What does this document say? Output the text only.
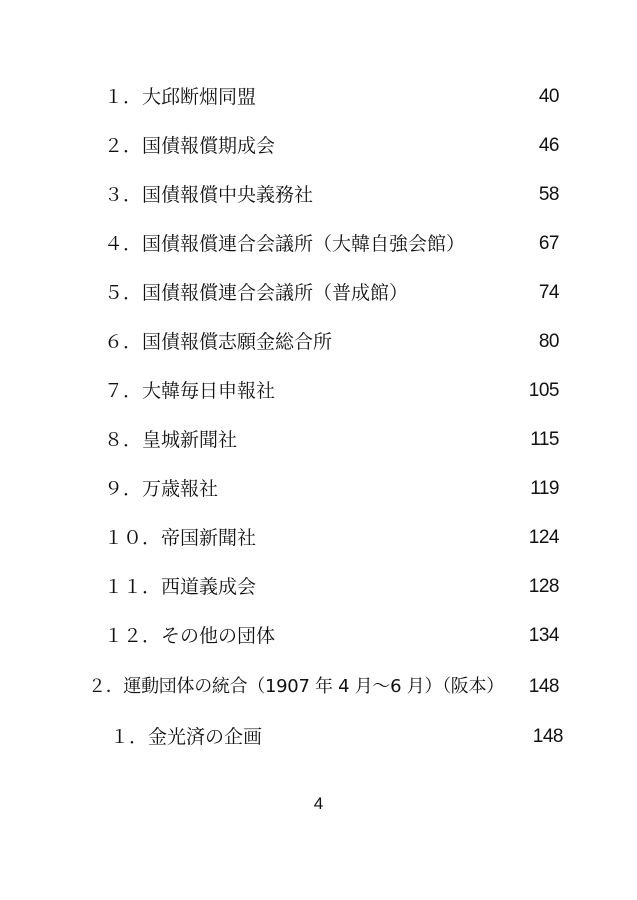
１．大邱断烟同盟	40
２．国債報償期成会	46
３．国債報償中央義務社	58
４．国債報償連合会議所（大韓自強会館）	67
５．国債報償連合会議所（普成館）	74
６．国債報償志願金総合所	80
７．大韓毎日申報社	105
８．皇城新聞社	115
９．万歳報社	119
１０．帝国新聞社	124
１１．西道義成会	128
１２．その他の団体	134
２．運動団体の統合（1907 年 4 月～6 月）（阪本） 148
１．金光済の企画	148
4
